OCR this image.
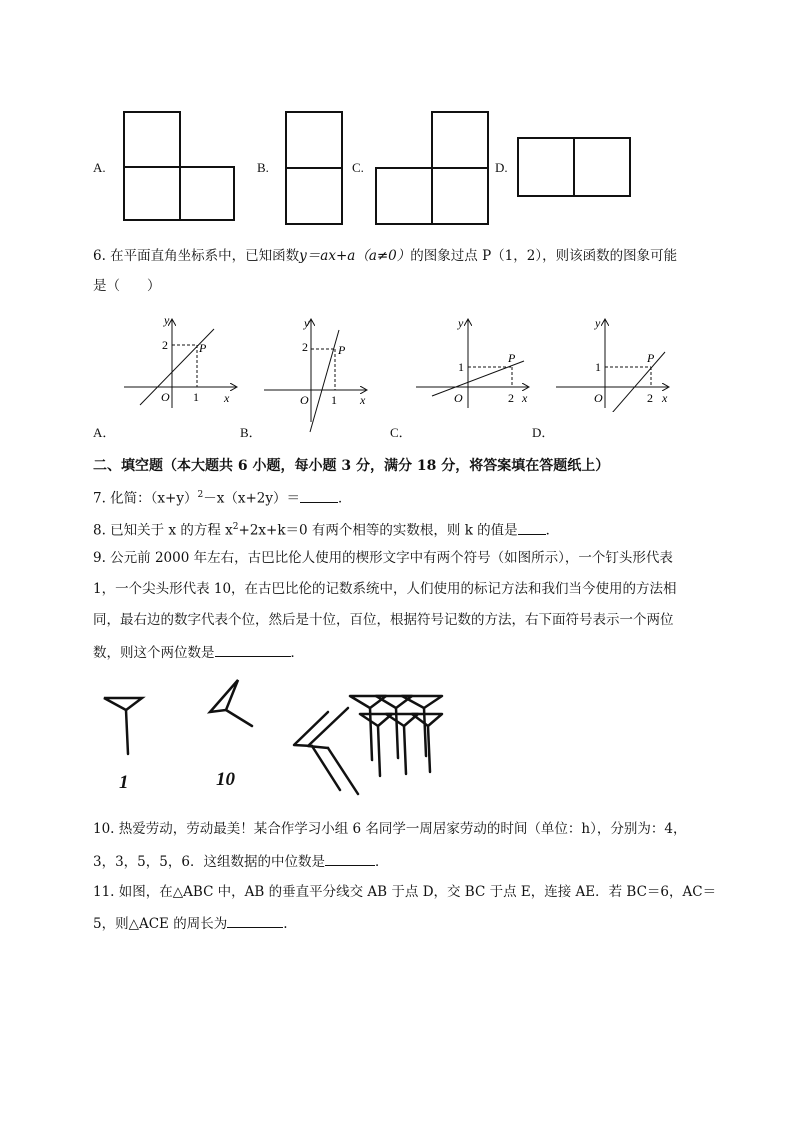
A.	B.	C.	D.
6. 在平面直角坐标系中，已知函数y＝ax+a（a≠0）的图象过点 P（1，2），则该函数的图象可能
是（　　）
y
x
O
P
2
1
A．
y
x
O
P
2
1
B．
y
x
O
P
1
2
C．
y
x
O
P
1
2
D．
二、填空题（本大题共 6 小题，每小题 3 分，满分 18 分，将答案填在答题纸上）
7. 化简：$(x+y)^2-x(x+2y)=$	．
8. 已知关于 x 的方程 $x^2+2x+k=0$ 有两个相等的实数根，则 k 的值是 ．
9. 公元前 2000 年左右，古巴比伦人使用的楔形文字中有两个符号（如图所示），一个钉头形代表
1，一个尖头形代表 10，在古巴比伦的记数系统中，人们使用的标记方法和我们当今使用的方法相
同，最右边的数字代表个位，然后是十位，百位，根据符号记数的方法，右下面符号表示一个两位
数，则这个两位数是	．
1	10
10. 热爱劳动，劳动最美！某合作学习小组 6 名同学一周居家劳动的时间（单位：h），分别为：4，
3，3，5，5，6．这组数据的中位数是	．
11. 如图，在△ABC 中，AB 的垂直平分线交 AB 于点 D，交 BC 于点 E，连接 AE．若 BC＝6，AC＝
5，则△ACE 的周长为	.
